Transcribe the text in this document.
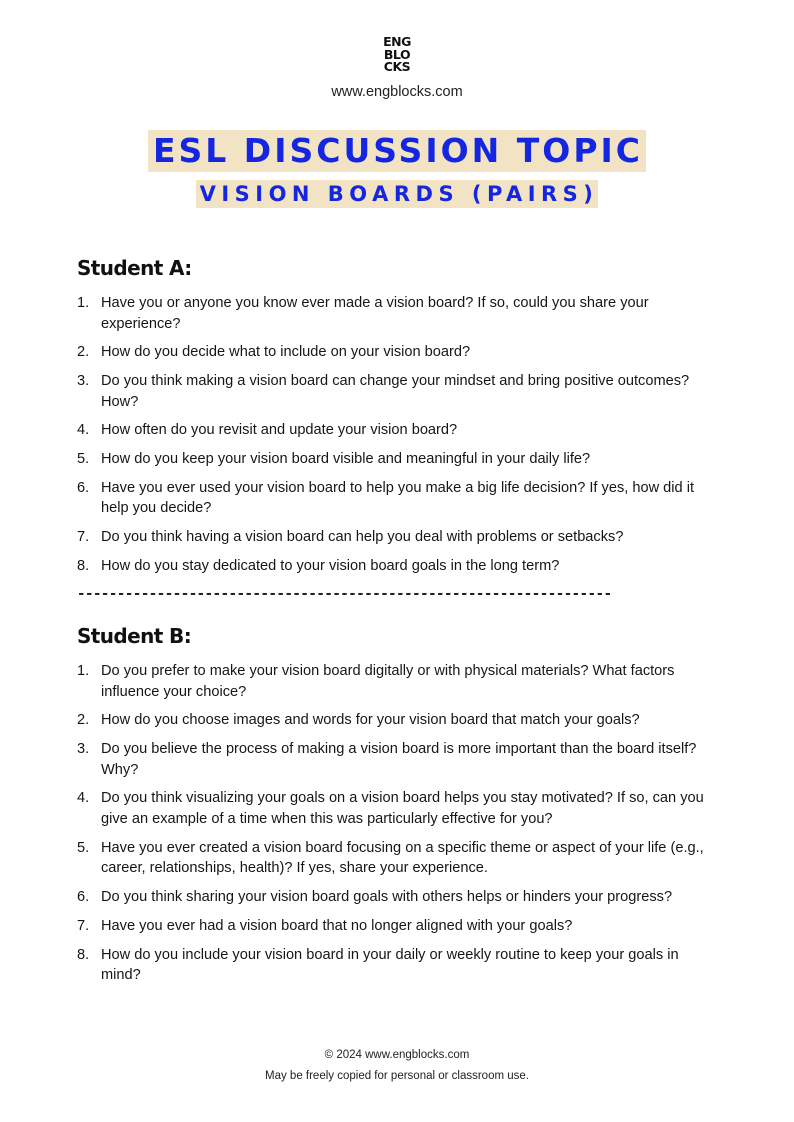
ENG
BLO
CKS
www.engblocks.com
ESL DISCUSSION TOPIC
VISION BOARDS (PAIRS)
Student A:
1. Have you or anyone you know ever made a vision board? If so, could you share your experience?
2. How do you decide what to include on your vision board?
3. Do you think making a vision board can change your mindset and bring positive outcomes? How?
4. How often do you revisit and update your vision board?
5. How do you keep your vision board visible and meaningful in your daily life?
6. Have you ever used your vision board to help you make a big life decision? If yes, how did it help you decide?
7. Do you think having a vision board can help you deal with problems or setbacks?
8. How do you stay dedicated to your vision board goals in the long term?
-------------------------------------------------------------------
Student B:
1. Do you prefer to make your vision board digitally or with physical materials? What factors influence your choice?
2. How do you choose images and words for your vision board that match your goals?
3. Do you believe the process of making a vision board is more important than the board itself? Why?
4. Do you think visualizing your goals on a vision board helps you stay motivated? If so, can you give an example of a time when this was particularly effective for you?
5. Have you ever created a vision board focusing on a specific theme or aspect of your life (e.g., career, relationships, health)? If yes, share your experience.
6. Do you think sharing your vision board goals with others helps or hinders your progress?
7. Have you ever had a vision board that no longer aligned with your goals?
8. How do you include your vision board in your daily or weekly routine to keep your goals in mind?
© 2024 www.engblocks.com
May be freely copied for personal or classroom use.
